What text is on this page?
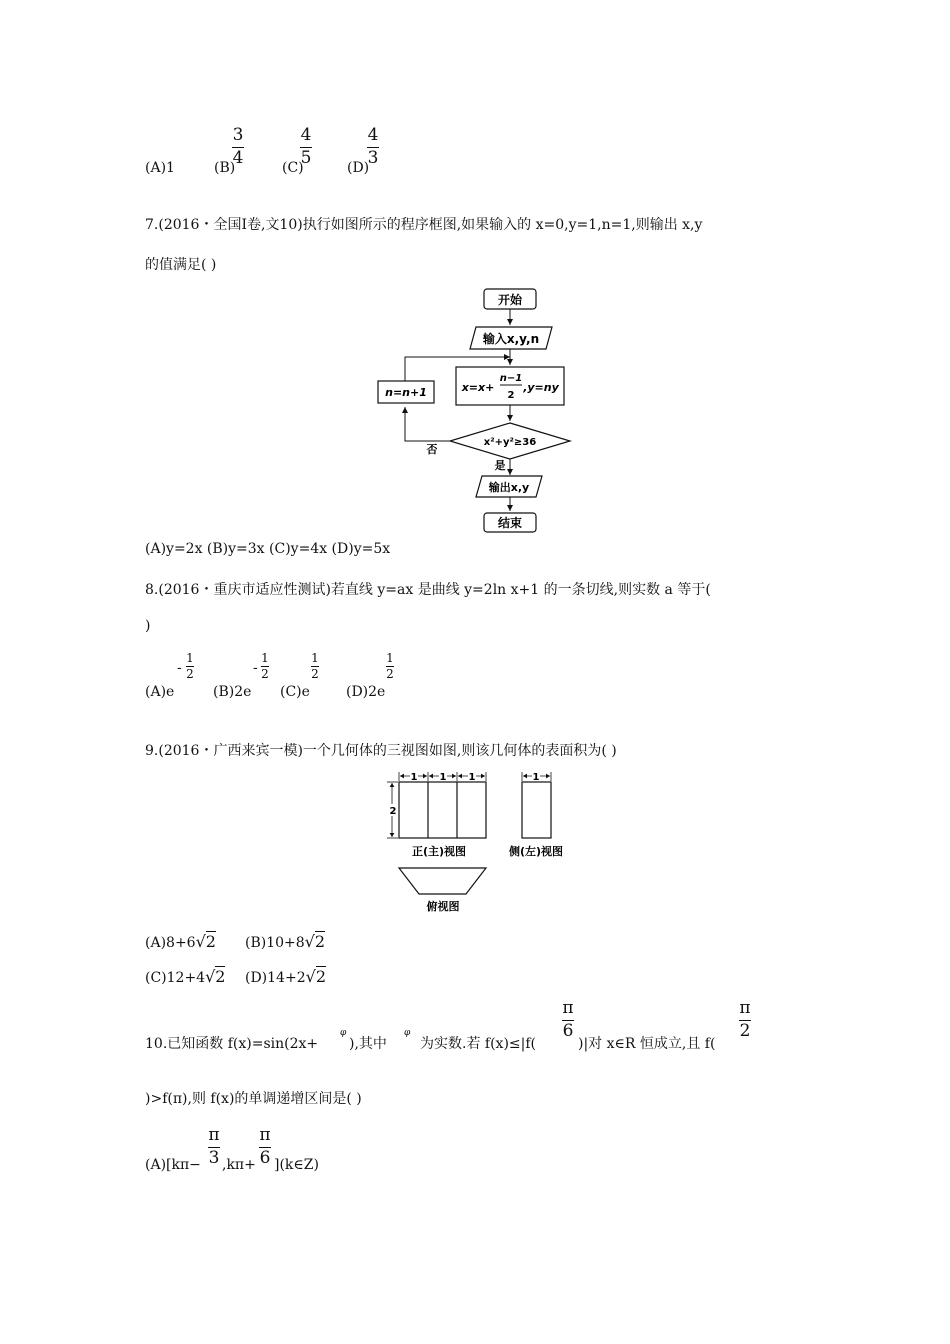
(A)1	(B)
3
4	(C)
4
5	(D)
4
3
7.(2016・全国Ⅰ卷,文10)执行如图所示的程序框图,如果输入的 x=0,y=1,n=1,则输出 x,y
的值满足( )
开始
输入x,y,n
x=x+
n−1
2
,y=ny
x²+y²≥36
否
n=n+1
是
输出x,y
结束
(A)y=2x (B)y=3x (C)y=4x (D)y=5x
8.(2016・重庆市适应性测试)若直线 y=ax 是曲线 y=2ln x+1 的一条切线,则实数 a 等于(
)
(A)e
-
1
2
(B)2e
-
1
2
(C)e
1
2
(D)2e
1
2
9.(2016・广西来宾一模)一个几何体的三视图如图,则该几何体的表面积为( )
1 1 1
2
正(主)视图
1
侧(左)视图
俯视图
(A)8+6√2 (B)10+8√2
(C)12+4√2 (D)14+2√2
10.已知函数 f(x)=sin(2x+
φ
),其中
φ
为实数.若 f(x)≤|f(
π
6
)|对 x∈R 恒成立,且 f(
π
2
)>f(π),则 f(x)的单调递增区间是( )
(A)[kπ−
π
3 ,kπ+
π
6 ](k∈Z)
